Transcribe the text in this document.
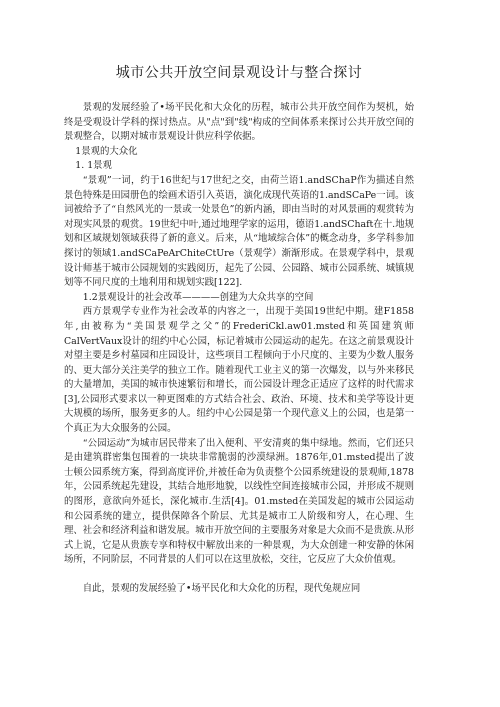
城市公共开放空间景观设计与整合探讨

景观的发展经验了•场平民化和大众化的历程，城市公共开放空间作为契机，始终是受观设计学科的探讨热点。从"点"到"线"构成的空间体系来探讨公共开放空间的景观整合，以期对城市景观设计供应科学依据。

1景观的大众化

1. 1景观

“景观”一词，约于16世纪与17世纪之交，由荷兰语1.andSChaP作为描述自然景色特殊是田园册色的绘画术语引入英语，演化成现代英语的1.andSCaPe一词。该词被给予了“自然风光的一景或一处景色”的新内涵，即由当时的对风景画的观赏转为对现实风景的观赏。19世纪中叶,通过地理学家的运用，德语1.andSChaft在十.地规划和区域规划领域获得了新的意义。后来，从“地域综合体”的概念动身，多学科参加探讨的领域1.andSCaPeArChiteCtUre（景观学）渐渐形成。在景观学科中，景观设计师基于城市公园规划的实践阅历，起先了公园、公园路、城市公园系统、城镇规划等不同尺度的土地利用和规划实践[122].

1.2景观设计的社会改革————创建为大众共享的空间

西方景观学专业作为社会改革的内容之一，出现于美国19世纪中期。建F1858年,由被称为“美国景观学之父”的FrederiCkl.aw01.msted和英国建筑师CalVertVaux设计的纽约中心公园，标记着城市公园运动的起先。在这之前景观设计对望主要是乡村墓园和庄园设计，这些项目工程倾向于小尺度的、主要为少数人服务的、更大部分关注美学的独立工作。随着现代工业主义的第一次爆发，以与外来移民的大量增加，美国的城市快速繁衍和增长，而公园设计理念正适应了这样的时代需求[3],公园形式要求以一种更图难的方式结合社会、政治、环境、技术和美学等设计更大规模的场所，服务更多的人。纽约中心公园是第一个现代意义上的公园，也是第一个真正为大众服务的公园。

“公园运动”为城市居民带来了出入便利、平安清爽的集中绿地。然而，它们还只是由建筑群密集包围着的一块块非常脆弱的沙漠绿洲。1876年,01.msted提出了波士顿公园系统方案，得到高度评价,并被任命为负责整个公园系统建设的景观师,1878年，公园系统起先建设，其结合地形地貌，以线性空间连接城市公园，并形成不规则的图形，意欲向外延长，深化城市.生活[4]。01.msted在美国发起的城市公园运动和公园系统的建立，提供保障各个阶层、尤其是城市工人阶级和穷人，在心理、生理、社会和经济利益和谐发展。城市开放空间的主要服务对象是大众而不是贵族.从形式上说，它是从贵族专享和特权中解放出来的一种景观，为大众创建一种安静的休闲场所，不同阶层，不同背景的人们可以在这里放松，交往，它反应了大众价值观。

自此，景观的发展经验了•场平民化和大众化的历程，现代兔规应同
